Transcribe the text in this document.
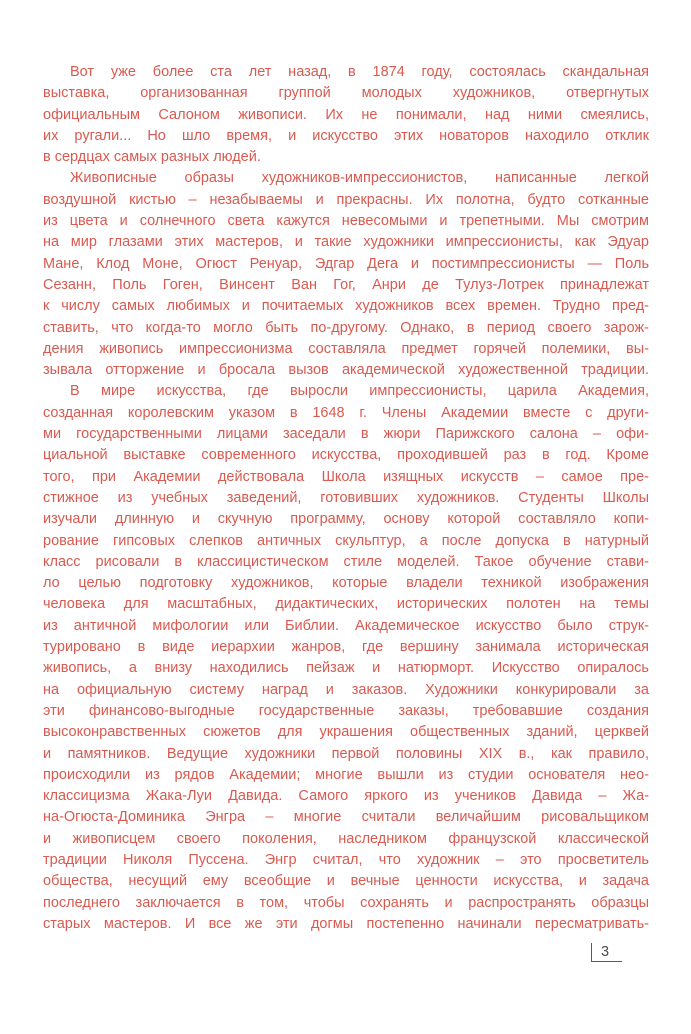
Вот уже более ста лет назад, в 1874 году, состоялась скандальная
выставка, организованная группой молодых художников, отвергнутых
официальным Салоном живописи. Их не понимали, над ними смеялись,
их ругали... Но шло время, и искусство этих новаторов находило отклик
в сердцах самых разных людей.
Живописные образы художников-импрессионистов, написанные легкой
воздушной кистью – незабываемы и прекрасны. Их полотна, будто сотканные
из цвета и солнечного света кажутся невесомыми и трепетными. Мы смотрим
на мир глазами этих мастеров, и такие художники импрессионисты, как Эдуар
Мане, Клод Моне, Огюст Ренуар, Эдгар Дега и постимпрессионисты — Поль
Сезанн, Поль Гоген, Винсент Ван Гог, Анри де Тулуз-Лотрек принадлежат
к числу самых любимых и почитаемых художников всех времен. Трудно пред-
ставить, что когда-то могло быть по-другому. Однако, в период своего зарож-
дения живопись импрессионизма составляла предмет горячей полемики, вы-
зывала отторжение и бросала вызов академической художественной традиции.
В мире искусства, где выросли импрессионисты, царила Академия,
созданная королевским указом в 1648 г. Члены Академии вместе с други-
ми государственными лицами заседали в жюри Парижского салона – офи-
циальной выставке современного искусства, проходившей раз в год. Кроме
того, при Академии действовала Школа изящных искусств – самое пре-
стижное из учебных заведений, готовивших художников. Студенты Школы
изучали длинную и скучную программу, основу которой составляло копи-
рование гипсовых слепков античных скульптур, а после допуска в натурный
класс рисовали в классицистическом стиле моделей. Такое обучение стави-
ло целью подготовку художников, которые владели техникой изображения
человека для масштабных, дидактических, исторических полотен на темы
из античной мифологии или Библии. Академическое искусство было струк-
турировано в виде иерархии жанров, где вершину занимала историческая
живопись, а внизу находились пейзаж и натюрморт. Искусство опиралось
на официальную систему наград и заказов. Художники конкурировали за
эти финансово-выгодные государственные заказы, требовавшие создания
высоконравственных сюжетов для украшения общественных зданий, церквей
и памятников. Ведущие художники первой половины XIX в., как правило,
происходили из рядов Академии; многие вышли из студии основателя нео-
классицизма Жака-Луи Давида. Самого яркого из учеников Давида – Жа-
на-Огюста-Доминика Энгра – многие считали величайшим рисовальщиком
и живописцем своего поколения, наследником французской классической
традиции Николя Пуссена. Энгр считал, что художник – это просветитель
общества, несущий ему всеобщие и вечные ценности искусства, и задача
последнего заключается в том, чтобы сохранять и распространять образцы
старых мастеров. И все же эти догмы постепенно начинали пересматривать-
3
